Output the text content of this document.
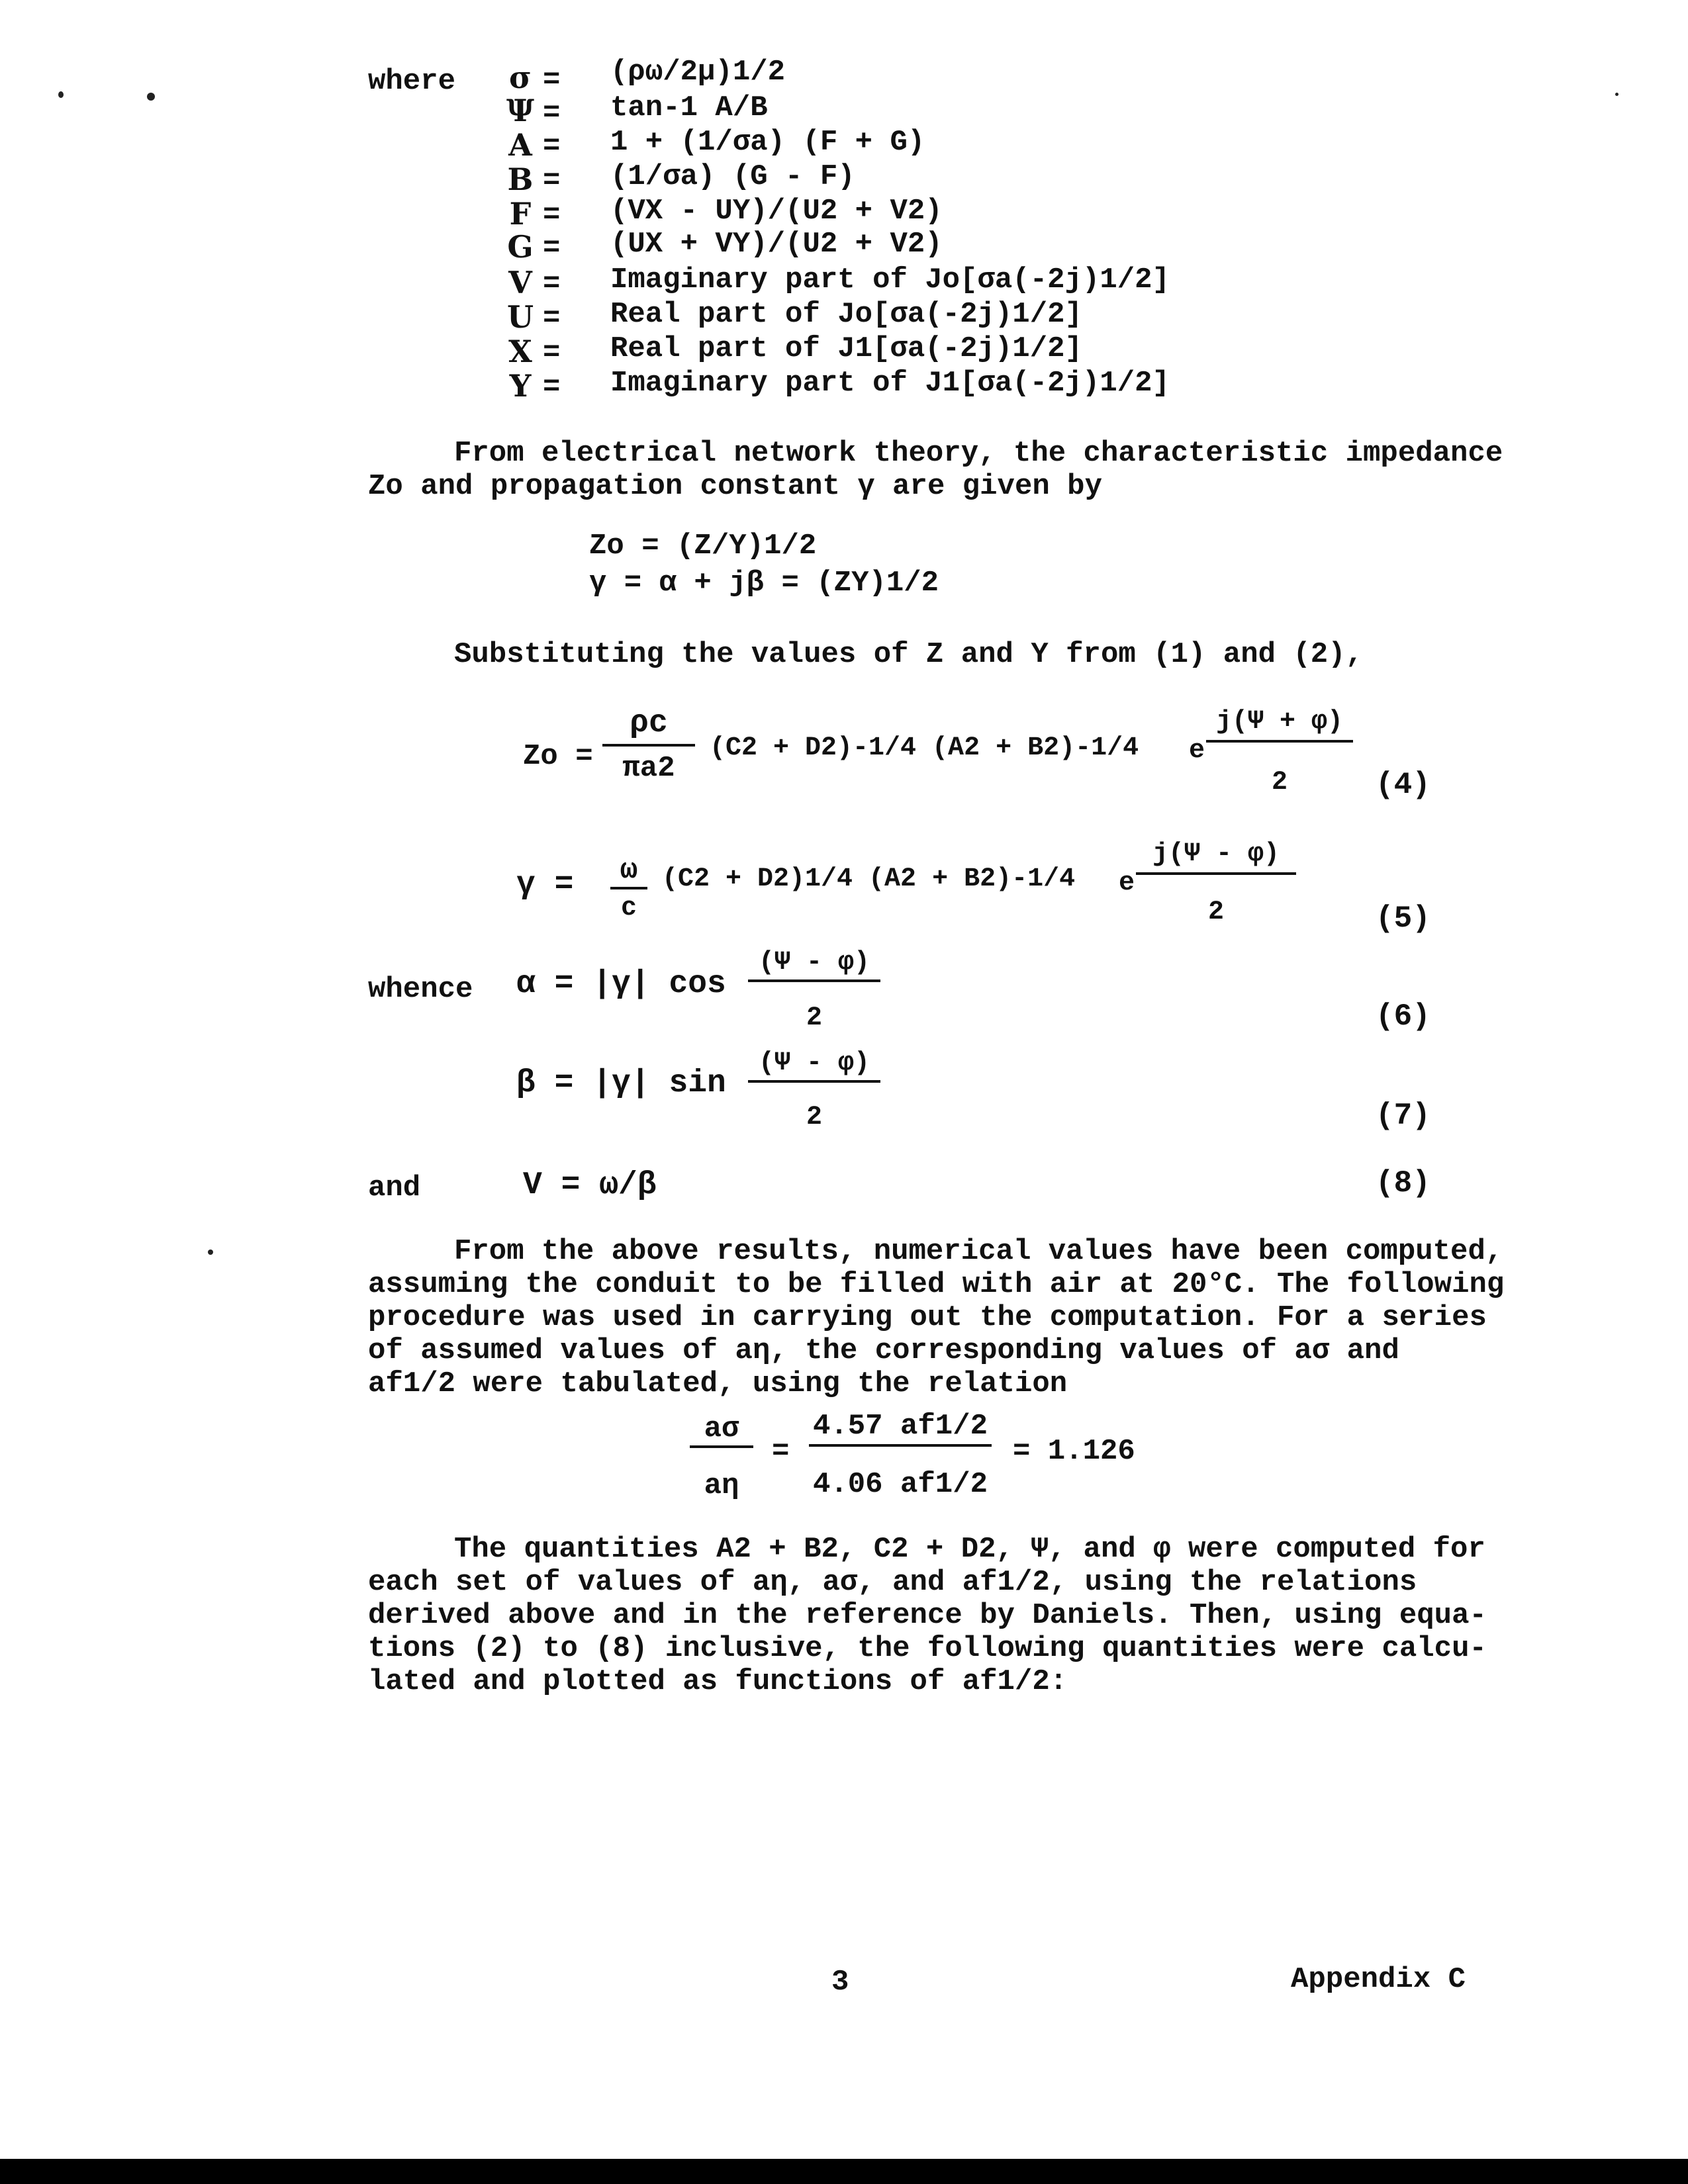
where σ = (ρω/2μ)1/2
Ψ = tan-1 A/B
A = 1 + (1/σa) (F + G)
B = (1/σa) (G - F)
F = (VX - UY)/(U2 + V2)
G = (UX + VY)/(U2 + V2)
V = Imaginary part of Jo[σa(-2j)1/2]
U = Real part of Jo[σa(-2j)1/2]
X = Real part of J1[σa(-2j)1/2]
Y = Imaginary part of J1[σa(-2j)1/2]
From electrical network theory, the characteristic impedance
Zo and propagation constant γ are given by
Zo = (Z/Y)1/2
γ = α + jβ = (ZY)1/2
Substituting the values of Z and Y from (1) and (2),
Zo =
ρc
πa2
(C2 + D2)-1/4 (A2 + B2)-1/4 e
j(Ψ + φ)
2	(4)
γ =	ω
c
(C2 + D2)1/4 (A2 + B2)-1/4 e
j(Ψ - φ)
2	(5)
whence α = |γ| cos
(Ψ - φ)
2	(6)
β = |γ| sin
(Ψ - φ)
2	(7)
and	V = ω/β	(8)
From the above results, numerical values have been computed,
assuming the conduit to be filled with air at 20°C. The following
procedure was used in carrying out the computation. For a series
of assumed values of aη, the corresponding values of aσ and
af1/2 were tabulated, using the relation
aσ
aη
=
4.57 af1/2
4.06 af1/2
= 1.126
The quantities A2 + B2, C2 + D2, Ψ, and φ were computed for
each set of values of aη, aσ, and af1/2, using the relations
derived above and in the reference by Daniels. Then, using equa-
tions (2) to (8) inclusive, the following quantities were calcu-
lated and plotted as functions of af1/2:
3	Appendix C
